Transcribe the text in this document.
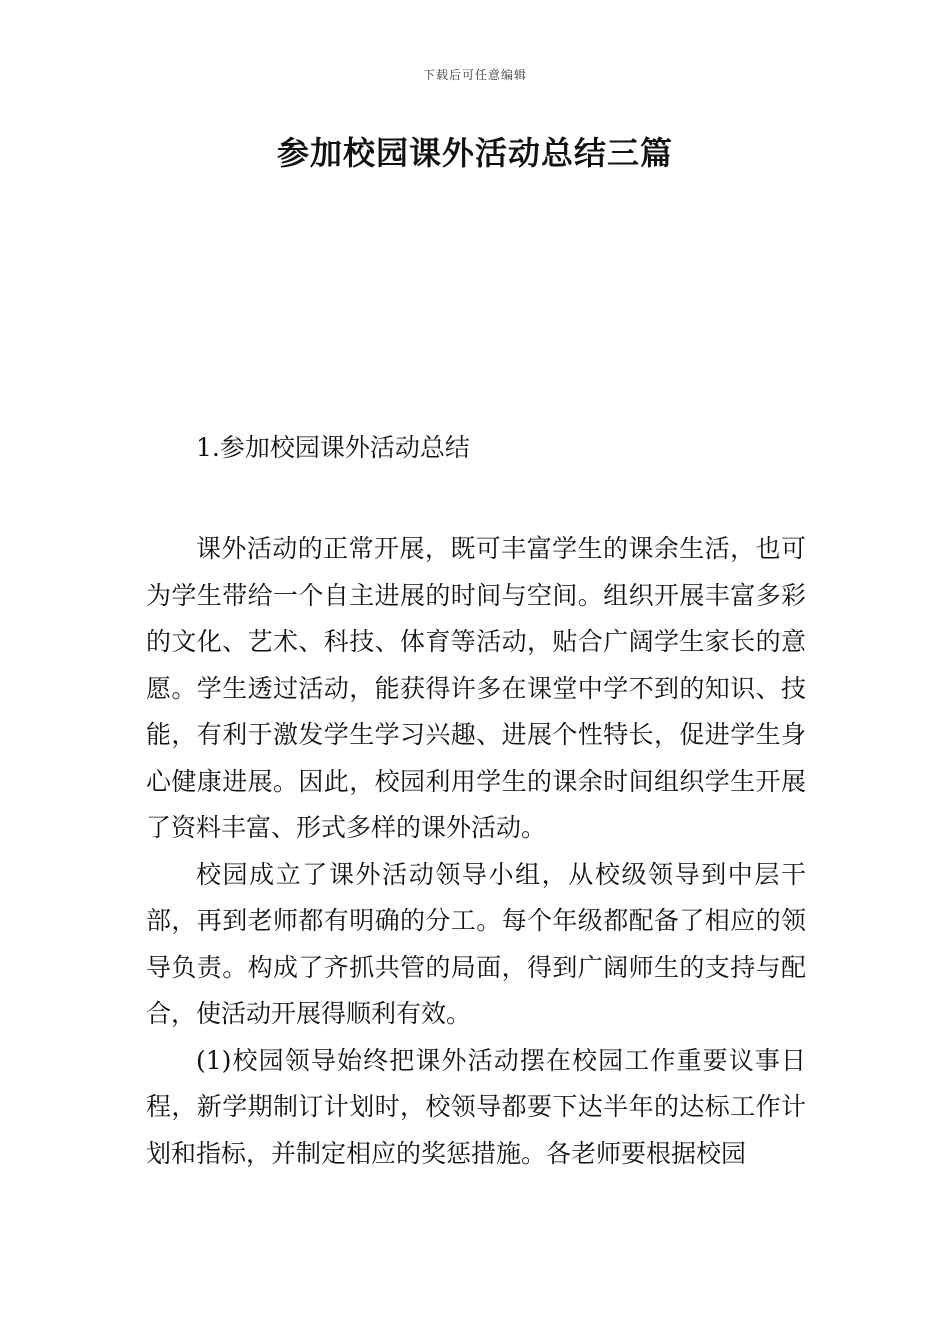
下载后可任意编辑
参加校园课外活动总结三篇
1.参加校园课外活动总结

课外活动的正常开展，既可丰富学生的课余生活，也可为学生带给一个自主进展的时间与空间。组织开展丰富多彩的文化、艺术、科技、体育等活动，贴合广阔学生家长的意愿。学生透过活动，能获得许多在课堂中学不到的知识、技能，有利于激发学生学习兴趣、进展个性特长，促进学生身心健康进展。因此，校园利用学生的课余时间组织学生开展了资料丰富、形式多样的课外活动。

校园成立了课外活动领导小组，从校级领导到中层干部，再到老师都有明确的分工。每个年级都配备了相应的领导负责。构成了齐抓共管的局面，得到广阔师生的支持与配合，使活动开展得顺利有效。

(1)校园领导始终把课外活动摆在校园工作重要议事日程，新学期制订计划时，校领导都要下达半年的达标工作计划和指标，并制定相应的奖惩措施。各老师要根据校园
